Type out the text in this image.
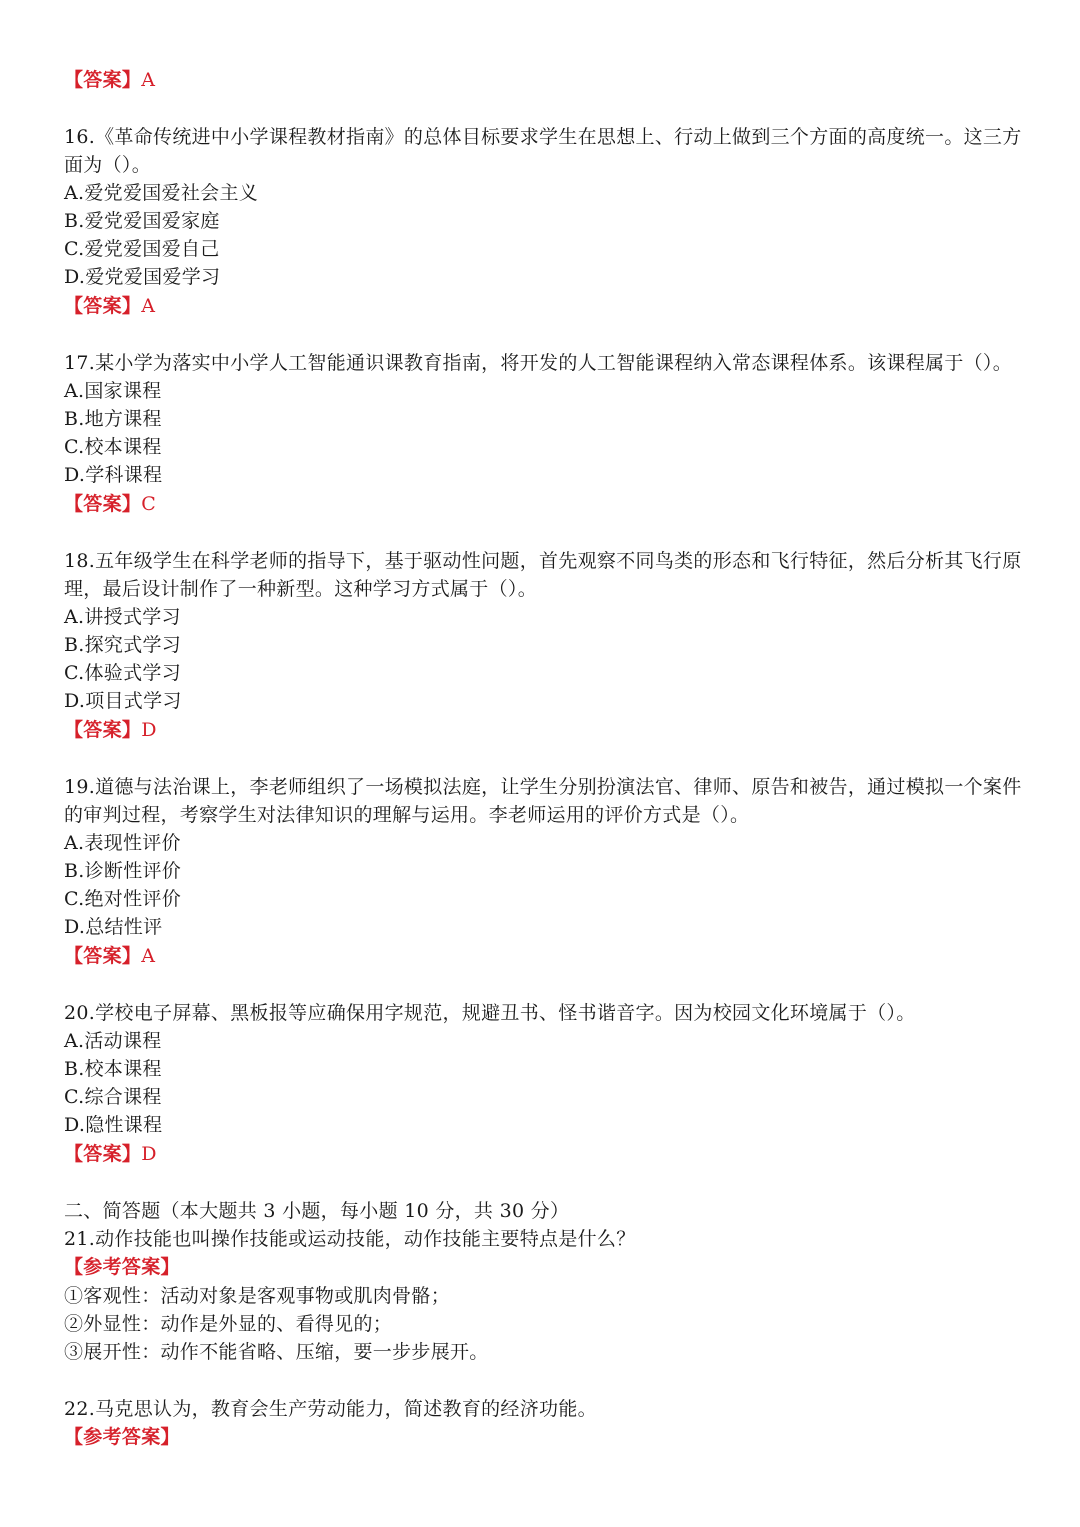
【答案】A
16.《革命传统进中小学课程教材指南》的总体目标要求学生在思想上、行动上做到三个方面的高度统一。这三方
面为（）。
A.爱党爱国爱社会主义
B.爱党爱国爱家庭
C.爱党爱国爱自己
D.爱党爱国爱学习
【答案】A
17.某小学为落实中小学人工智能通识课教育指南，将开发的人工智能课程纳入常态课程体系。该课程属于（）。
A.国家课程
B.地方课程
C.校本课程
D.学科课程
【答案】C
18.五年级学生在科学老师的指导下，基于驱动性问题，首先观察不同鸟类的形态和飞行特征，然后分析其飞行原
理，最后设计制作了一种新型。这种学习方式属于（）。
A.讲授式学习
B.探究式学习
C.体验式学习
D.项目式学习
【答案】D
19.道德与法治课上，李老师组织了一场模拟法庭，让学生分别扮演法官、律师、原告和被告，通过模拟一个案件
的审判过程，考察学生对法律知识的理解与运用。李老师运用的评价方式是（）。
A.表现性评价
B.诊断性评价
C.绝对性评价
D.总结性评
【答案】A
20.学校电子屏幕、黑板报等应确保用字规范，规避丑书、怪书谐音字。因为校园文化环境属于（）。
A.活动课程
B.校本课程
C.综合课程
D.隐性课程
【答案】D
二、简答题（本大题共 3 小题，每小题 10 分，共 30 分）
21.动作技能也叫操作技能或运动技能，动作技能主要特点是什么？
【参考答案】
①客观性：活动对象是客观事物或肌肉骨骼；
②外显性：动作是外显的、看得见的；
③展开性：动作不能省略、压缩，要一步步展开。
22.马克思认为，教育会生产劳动能力，简述教育的经济功能。
【参考答案】
